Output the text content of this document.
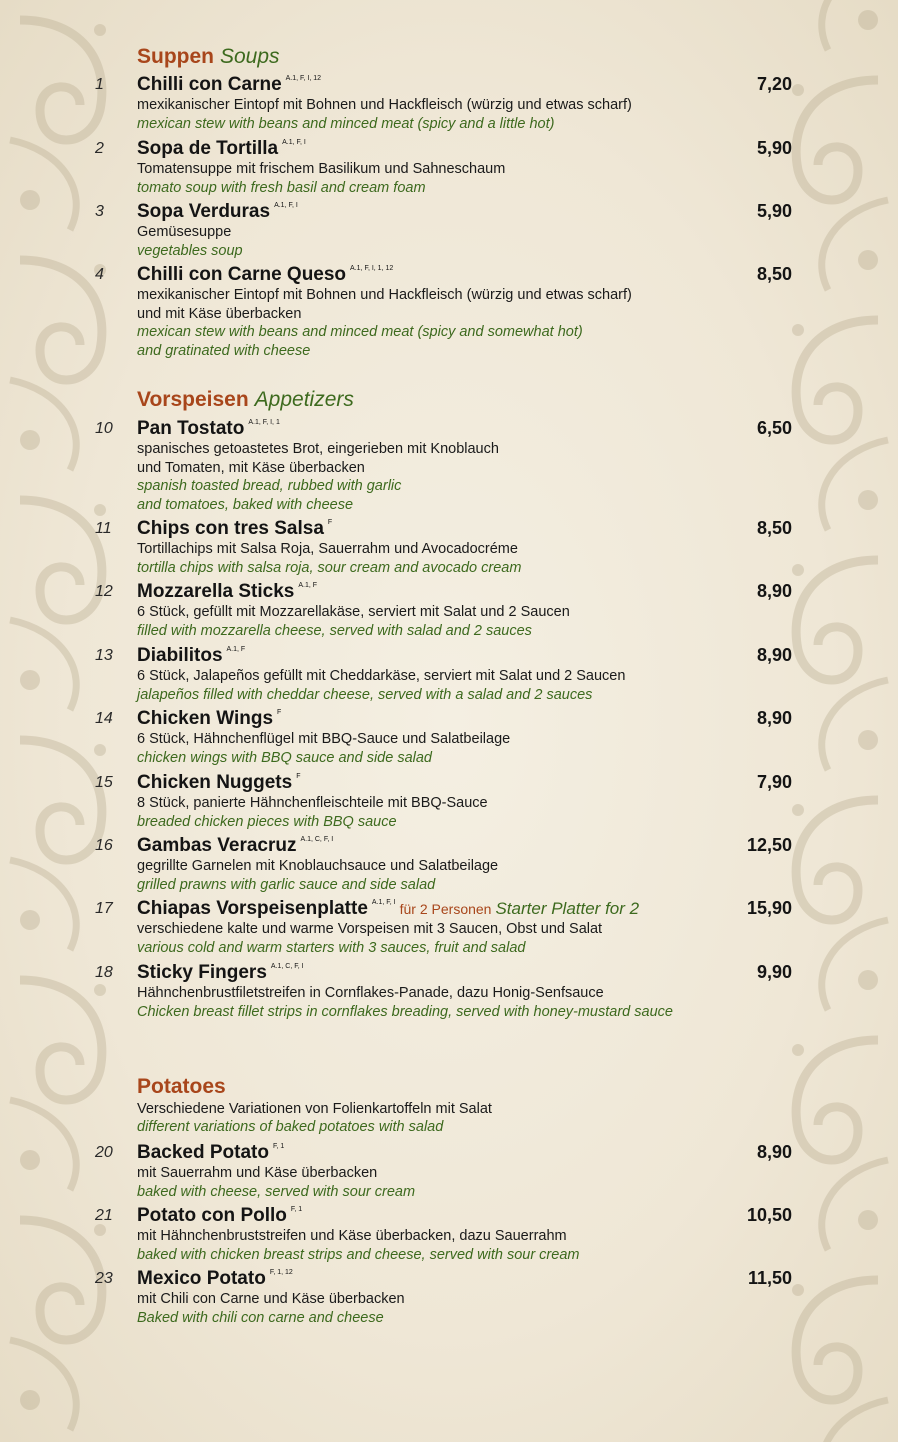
Suppen Soups
1 Chilli con Carne $^{A.1, F, I, 12}$	7,20
mexikanischer Eintopf mit Bohnen und Hackfleisch (würzig und etwas scharf)
mexican stew with beans and minced meat (spicy and a little hot)
2 Sopa de Tortilla $^{A.1, F, I}$	5,90
Tomatensuppe mit frischem Basilikum und Sahneschaum
tomato soup with fresh basil and cream foam
3 Sopa Verduras $^{A.1, F, I}$	5,90
Gemüsesuppe
vegetables soup
4 Chilli con Carne Queso $^{A.1, F, I, 1, 12}$	8,50
mexikanischer Eintopf mit Bohnen und Hackfleisch (würzig und etwas scharf)
und mit Käse überbacken
mexican stew with beans and minced meat (spicy and somewhat hot)
and gratinated with cheese
Vorspeisen Appetizers
10 Pan Tostato $^{A.1, F, I, 1}$	6,50
spanisches getoastetes Brot, eingerieben mit Knoblauch
und Tomaten, mit Käse überbacken
spanish toasted bread, rubbed with garlic
and tomatoes, baked with cheese
11 Chips con tres Salsa $^F$	8,50
Tortillachips mit Salsa Roja, Sauerrahm und Avocadocréme
tortilla chips with salsa roja, sour cream and avocado cream
12 Mozzarella Sticks $^{A.1, F}$	8,90
6 Stück, gefüllt mit Mozzarellakäse, serviert mit Salat und 2 Saucen
filled with mozzarella cheese, served with salad and 2 sauces
13 Diabilitos $^{A.1, F}$	8,90
6 Stück, Jalapeños gefüllt mit Cheddarkäse, serviert mit Salat und 2 Saucen
jalapeños filled with cheddar cheese, served with a salad and 2 sauces
14 Chicken Wings $^F$	8,90
6 Stück, Hähnchenflügel mit BBQ-Sauce und Salatbeilage
chicken wings with BBQ sauce and side salad
15 Chicken Nuggets $^F$	7,90
8 Stück, panierte Hähnchenfleischteile mit BBQ-Sauce
breaded chicken pieces with BBQ sauce
16 Gambas Veracruz $^{A.1, C, F, I}$	12,50
gegrillte Garnelen mit Knoblauchsauce und Salatbeilage
grilled prawns with garlic sauce and side salad
17 Chiapas Vorspeisenplatte $^{A.1, F, I}$ für 2 Personen Starter Platter for 2	15,90
verschiedene kalte und warme Vorspeisen mit 3 Saucen, Obst und Salat
various cold and warm starters with 3 sauces, fruit and salad
18 Sticky Fingers $^{A.1, C, F, I}$	9,90
Hähnchenbrustfiletstreifen in Cornflakes-Panade, dazu Honig-Senfsauce
Chicken breast fillet strips in cornflakes breading, served with honey-mustard sauce
Potatoes
Verschiedene Variationen von Folienkartoffeln mit Salat
different variations of baked potatoes with salad
20 Backed Potato $^{F, 1}$	8,90
mit Sauerrahm und Käse überbacken
baked with cheese, served with sour cream
21 Potato con Pollo $^{F, 1}$	10,50
mit Hähnchenbruststreifen und Käse überbacken, dazu Sauerrahm
baked with chicken breast strips and cheese, served with sour cream
23 Mexico Potato $^{F, 1, 12}$	11,50
mit Chili con Carne und Käse überbacken
Baked with chili con carne and cheese
